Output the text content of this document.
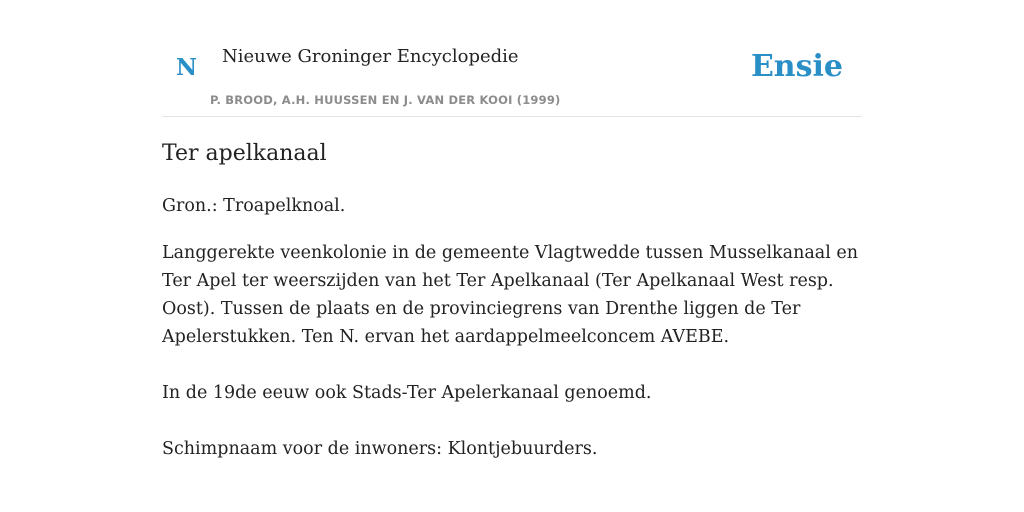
N Nieuwe Groninger Encyclopedie
P. BROOD, A.H. HUUSSEN EN J. VAN DER KOOI (1999)
Ensie
Ter apelkanaal

Gron.: Troapelknoal.

Langgerekte veenkolonie in de gemeente Vlagtwedde tussen Musselkanaal en Ter Apel ter weerszijden van het Ter Apelkanaal (Ter Apelkanaal West resp. Oost). Tussen de plaats en de provinciegrens van Drenthe liggen de Ter Apelerstukken. Ten N. ervan het aardappelmeelconcem AVEBE.

In de 19de eeuw ook Stads-Ter Apelerkanaal genoemd.

Schimpnaam voor de inwoners: Klontjebuurders.
